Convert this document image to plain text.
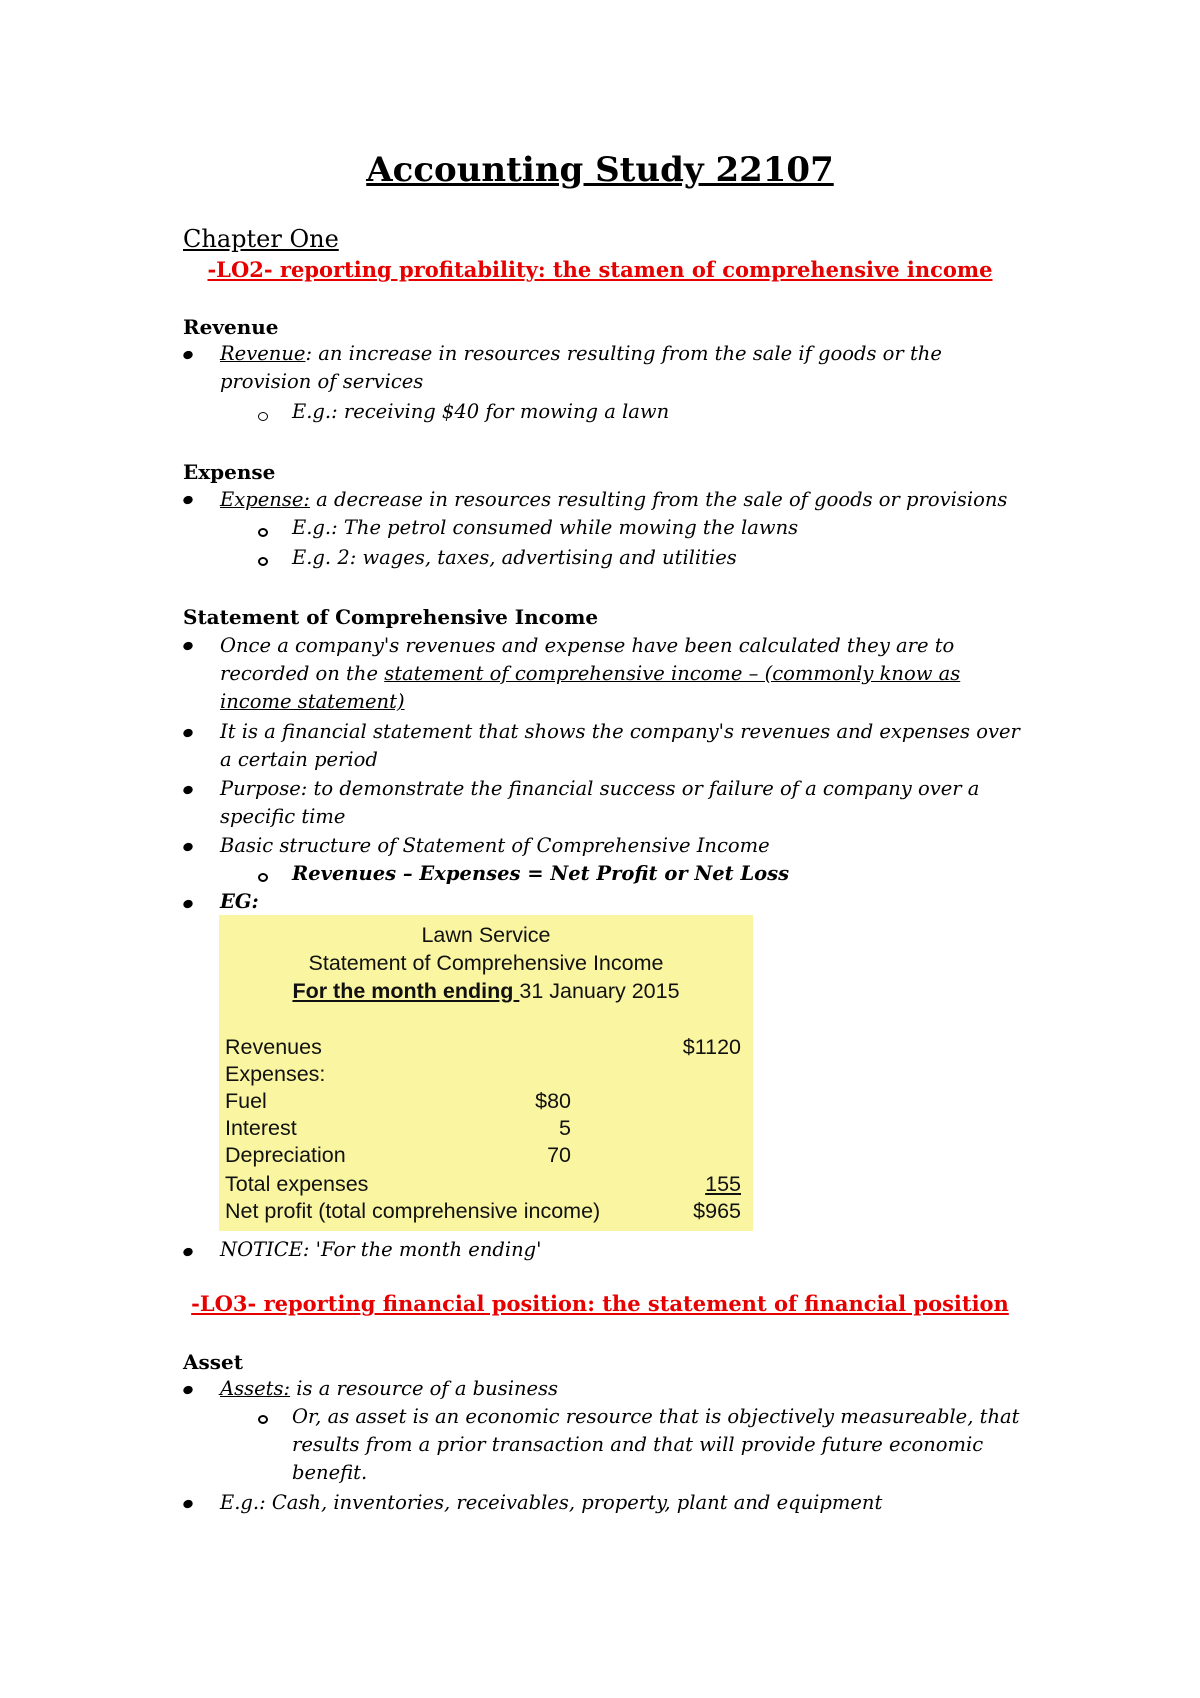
Accounting Study 22107
Chapter One
-LO2- reporting profitability: the stamen of comprehensive income
Revenue
Revenue: an increase in resources resulting from the sale if goods or the
provision of services
E.g.: receiving $40 for mowing a lawn
Expense
Expense: a decrease in resources resulting from the sale of goods or provisions
E.g.: The petrol consumed while mowing the lawns
E.g. 2: wages, taxes, advertising and utilities
Statement of Comprehensive Income
Once a company's revenues and expense have been calculated they are to
recorded on the statement of comprehensive income – (commonly know as
income statement)
It is a financial statement that shows the company's revenues and expenses over
a certain period
Purpose: to demonstrate the financial success or failure of a company over a
specific time
Basic structure of Statement of Comprehensive Income
Revenues – Expenses = Net Profit or Net Loss
EG:
Lawn Service
Statement of Comprehensive Income
For the month ending 31 January 2015
Revenues	$1120
Expenses:
Fuel	$80
Interest	5
Depreciation	70
Total expenses	155
Net profit (total comprehensive income)	$965
NOTICE: 'For the month ending'
-LO3- reporting financial position: the statement of financial position
Asset
Assets: is a resource of a business
Or, as asset is an economic resource that is objectively measureable, that
results from a prior transaction and that will provide future economic
benefit.
E.g.: Cash, inventories, receivables, property, plant and equipment
